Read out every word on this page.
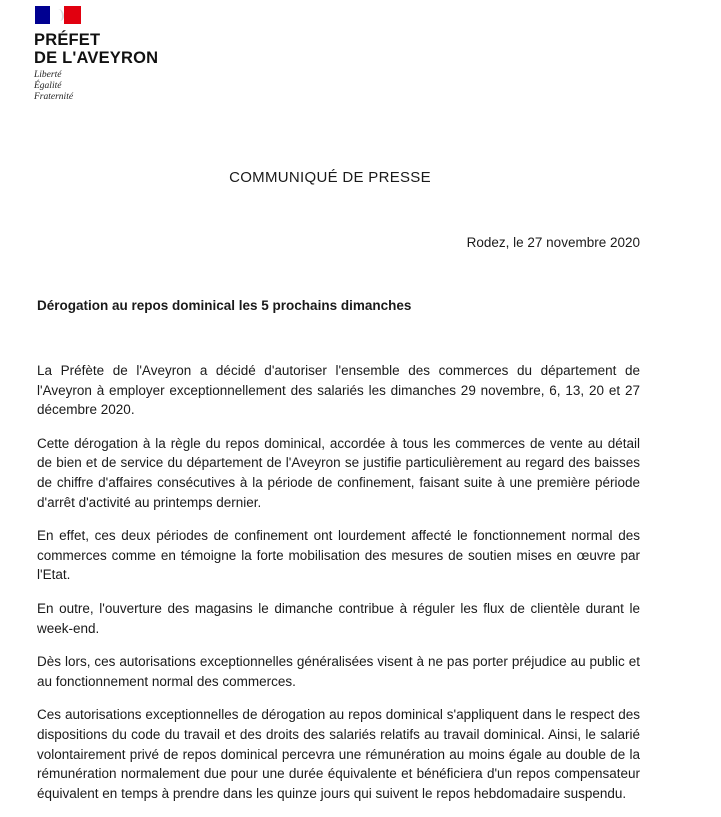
PRÉFET
DE L'AVEYRON
Liberté
Égalité
Fraternité
COMMUNIQUÉ DE PRESSE
Rodez, le 27 novembre 2020
Dérogation au repos dominical les 5 prochains dimanches

La Préfète de l'Aveyron a décidé d'autoriser l'ensemble des commerces du département de l'Aveyron à employer exceptionnellement des salariés les dimanches 29 novembre, 6, 13, 20 et 27 décembre 2020.

Cette dérogation à la règle du repos dominical, accordée à tous les commerces de vente au détail de bien et de service du département de l'Aveyron se justifie particulièrement au regard des baisses de chiffre d'affaires consécutives à la période de confinement, faisant suite à une première période d'arrêt d'activité au printemps dernier.

En effet, ces deux périodes de confinement ont lourdement affecté le fonctionnement normal des commerces comme en témoigne la forte mobilisation des mesures de soutien mises en œuvre par l'Etat.

En outre, l'ouverture des magasins le dimanche contribue à réguler les flux de clientèle durant le week-end.

Dès lors, ces autorisations exceptionnelles généralisées visent à ne pas porter préjudice au public et au fonctionnement normal des commerces.

Ces autorisations exceptionnelles de dérogation au repos dominical s'appliquent dans le respect des dispositions du code du travail et des droits des salariés relatifs au travail dominical. Ainsi, le salarié volontairement privé de repos dominical percevra une rémunération au moins égale au double de la rémunération normalement due pour une durée équivalente et bénéficiera d'un repos compensateur équivalent en temps à prendre dans les quinze jours qui suivent le repos hebdomadaire suspendu.
